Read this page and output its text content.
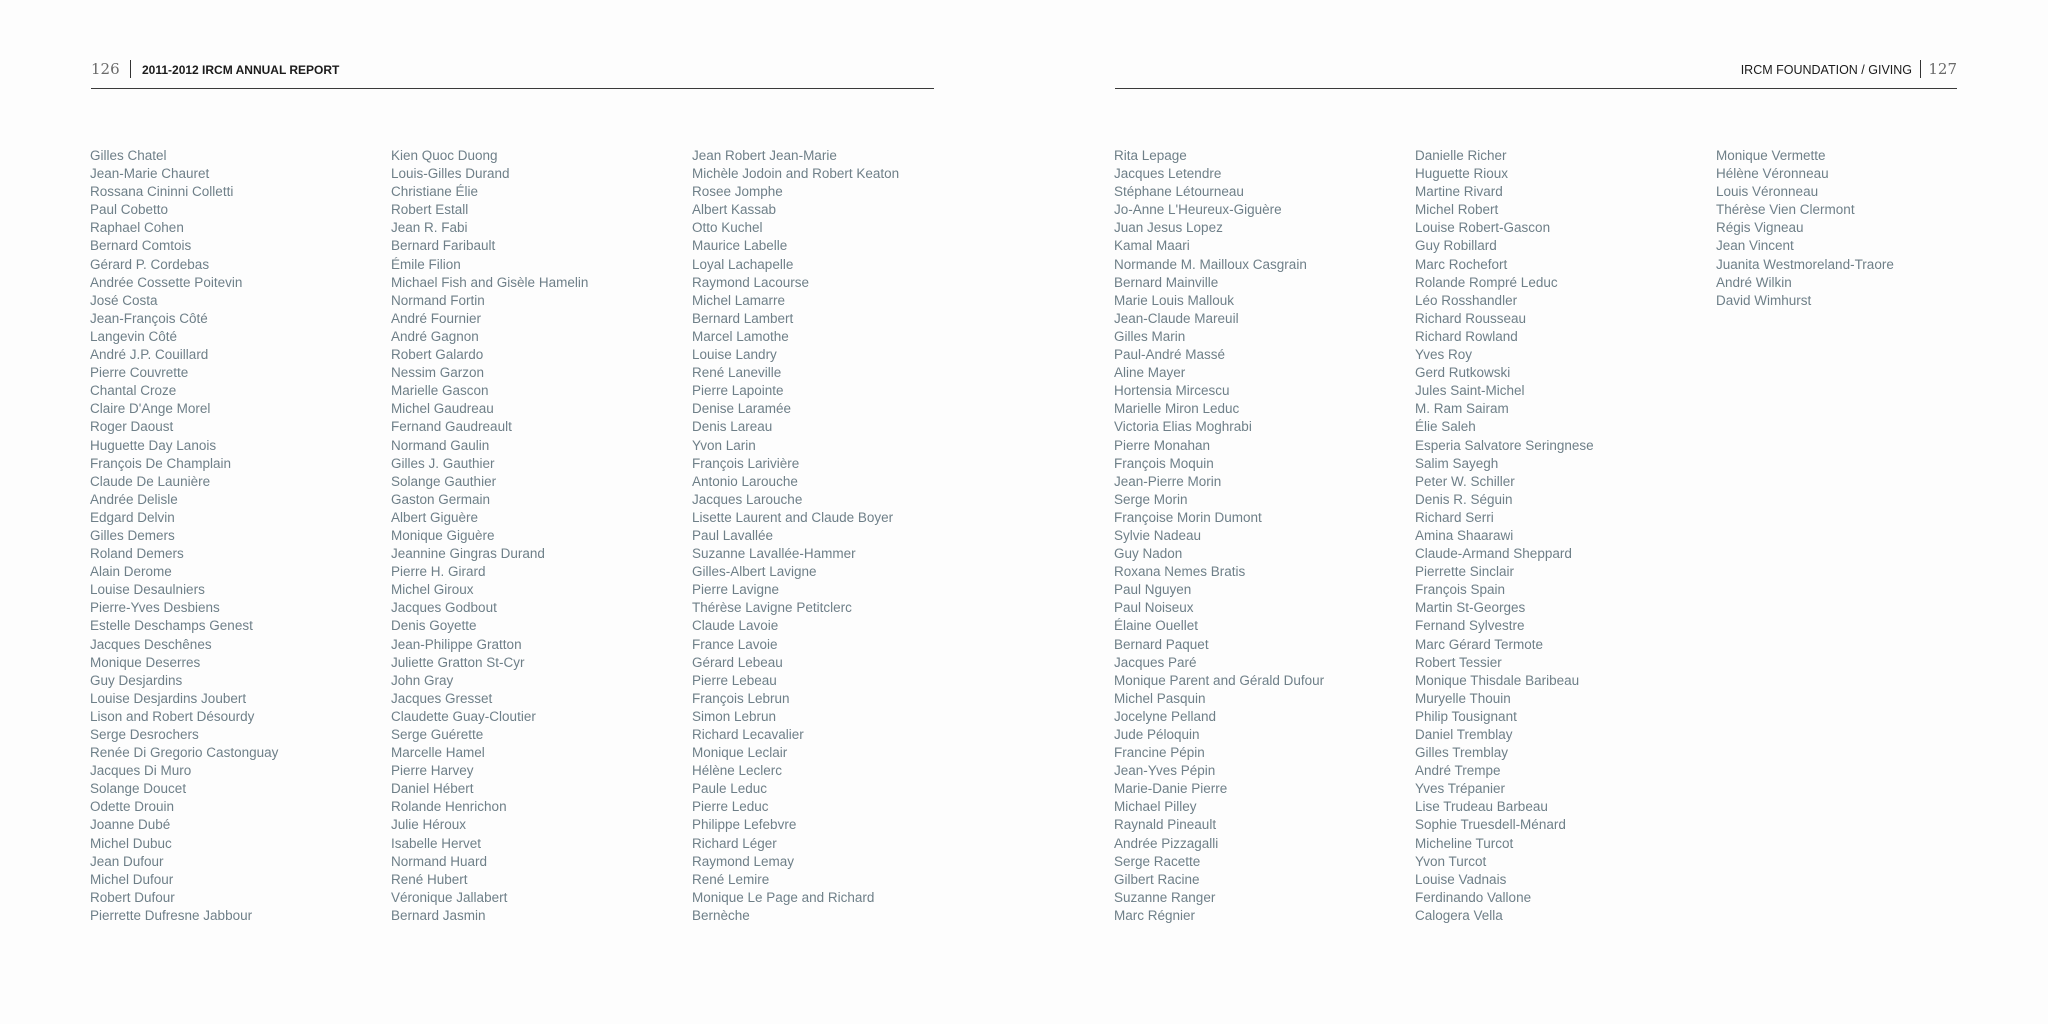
126 2011-2012 IRCM ANNUAL REPORT	IRCM FOUNDATION / GIVING 127
Gilles Chatel
Jean-Marie Chauret
Rossana Cininni Colletti
Paul Cobetto
Raphael Cohen
Bernard Comtois
Gérard P. Cordebas
Andrée Cossette Poitevin
José Costa
Jean-François Côté
Langevin Côté
André J.P. Couillard
Pierre Couvrette
Chantal Croze
Claire D'Ange Morel
Roger Daoust
Huguette Day Lanois
François De Champlain
Claude De Launière
Andrée Delisle
Edgard Delvin
Gilles Demers
Roland Demers
Alain Derome
Louise Desaulniers
Pierre-Yves Desbiens
Estelle Deschamps Genest
Jacques Deschênes
Monique Deserres
Guy Desjardins
Louise Desjardins Joubert
Lison and Robert Désourdy
Serge Desrochers
Renée Di Gregorio Castonguay
Jacques Di Muro
Solange Doucet
Odette Drouin
Joanne Dubé
Michel Dubuc
Jean Dufour
Michel Dufour
Robert Dufour
Pierrette Dufresne Jabbour
Kien Quoc Duong
Louis-Gilles Durand
Christiane Élie
Robert Estall
Jean R. Fabi
Bernard Faribault
Émile Filion
Michael Fish and Gisèle Hamelin
Normand Fortin
André Fournier
André Gagnon
Robert Galardo
Nessim Garzon
Marielle Gascon
Michel Gaudreau
Fernand Gaudreault
Normand Gaulin
Gilles J. Gauthier
Solange Gauthier
Gaston Germain
Albert Giguère
Monique Giguère
Jeannine Gingras Durand
Pierre H. Girard
Michel Giroux
Jacques Godbout
Denis Goyette
Jean-Philippe Gratton
Juliette Gratton St-Cyr
John Gray
Jacques Gresset
Claudette Guay-Cloutier
Serge Guérette
Marcelle Hamel
Pierre Harvey
Daniel Hébert
Rolande Henrichon
Julie Héroux
Isabelle Hervet
Normand Huard
René Hubert
Véronique Jallabert
Bernard Jasmin
Jean Robert Jean-Marie
Michèle Jodoin and Robert Keaton
Rosee Jomphe
Albert Kassab
Otto Kuchel
Maurice Labelle
Loyal Lachapelle
Raymond Lacourse
Michel Lamarre
Bernard Lambert
Marcel Lamothe
Louise Landry
René Laneville
Pierre Lapointe
Denise Laramée
Denis Lareau
Yvon Larin
François Larivière
Antonio Larouche
Jacques Larouche
Lisette Laurent and Claude Boyer
Paul Lavallée
Suzanne Lavallée-Hammer
Gilles-Albert Lavigne
Pierre Lavigne
Thérèse Lavigne Petitclerc
Claude Lavoie
France Lavoie
Gérard Lebeau
Pierre Lebeau
François Lebrun
Simon Lebrun
Richard Lecavalier
Monique Leclair
Hélène Leclerc
Paule Leduc
Pierre Leduc
Philippe Lefebvre
Richard Léger
Raymond Lemay
René Lemire
Monique Le Page and Richard
Bernèche
Rita Lepage
Jacques Letendre
Stéphane Létourneau
Jo-Anne L'Heureux-Giguère
Juan Jesus Lopez
Kamal Maari
Normande M. Mailloux Casgrain
Bernard Mainville
Marie Louis Mallouk
Jean-Claude Mareuil
Gilles Marin
Paul-André Massé
Aline Mayer
Hortensia Mircescu
Marielle Miron Leduc
Victoria Elias Moghrabi
Pierre Monahan
François Moquin
Jean-Pierre Morin
Serge Morin
Françoise Morin Dumont
Sylvie Nadeau
Guy Nadon
Roxana Nemes Bratis
Paul Nguyen
Paul Noiseux
Élaine Ouellet
Bernard Paquet
Jacques Paré
Monique Parent and Gérald Dufour
Michel Pasquin
Jocelyne Pelland
Jude Péloquin
Francine Pépin
Jean-Yves Pépin
Marie-Danie Pierre
Michael Pilley
Raynald Pineault
Andrée Pizzagalli
Serge Racette
Gilbert Racine
Suzanne Ranger
Marc Régnier
Danielle Richer
Huguette Rioux
Martine Rivard
Michel Robert
Louise Robert-Gascon
Guy Robillard
Marc Rochefort
Rolande Rompré Leduc
Léo Rosshandler
Richard Rousseau
Richard Rowland
Yves Roy
Gerd Rutkowski
Jules Saint-Michel
M. Ram Sairam
Élie Saleh
Esperia Salvatore Seringnese
Salim Sayegh
Peter W. Schiller
Denis R. Séguin
Richard Serri
Amina Shaarawi
Claude-Armand Sheppard
Pierrette Sinclair
François Spain
Martin St-Georges
Fernand Sylvestre
Marc Gérard Termote
Robert Tessier
Monique Thisdale Baribeau
Muryelle Thouin
Philip Tousignant
Daniel Tremblay
Gilles Tremblay
André Trempe
Yves Trépanier
Lise Trudeau Barbeau
Sophie Truesdell-Ménard
Micheline Turcot
Yvon Turcot
Louise Vadnais
Ferdinando Vallone
Calogera Vella
Monique Vermette
Hélène Véronneau
Louis Véronneau
Thérèse Vien Clermont
Régis Vigneau
Jean Vincent
Juanita Westmoreland-Traore
André Wilkin
David Wimhurst
